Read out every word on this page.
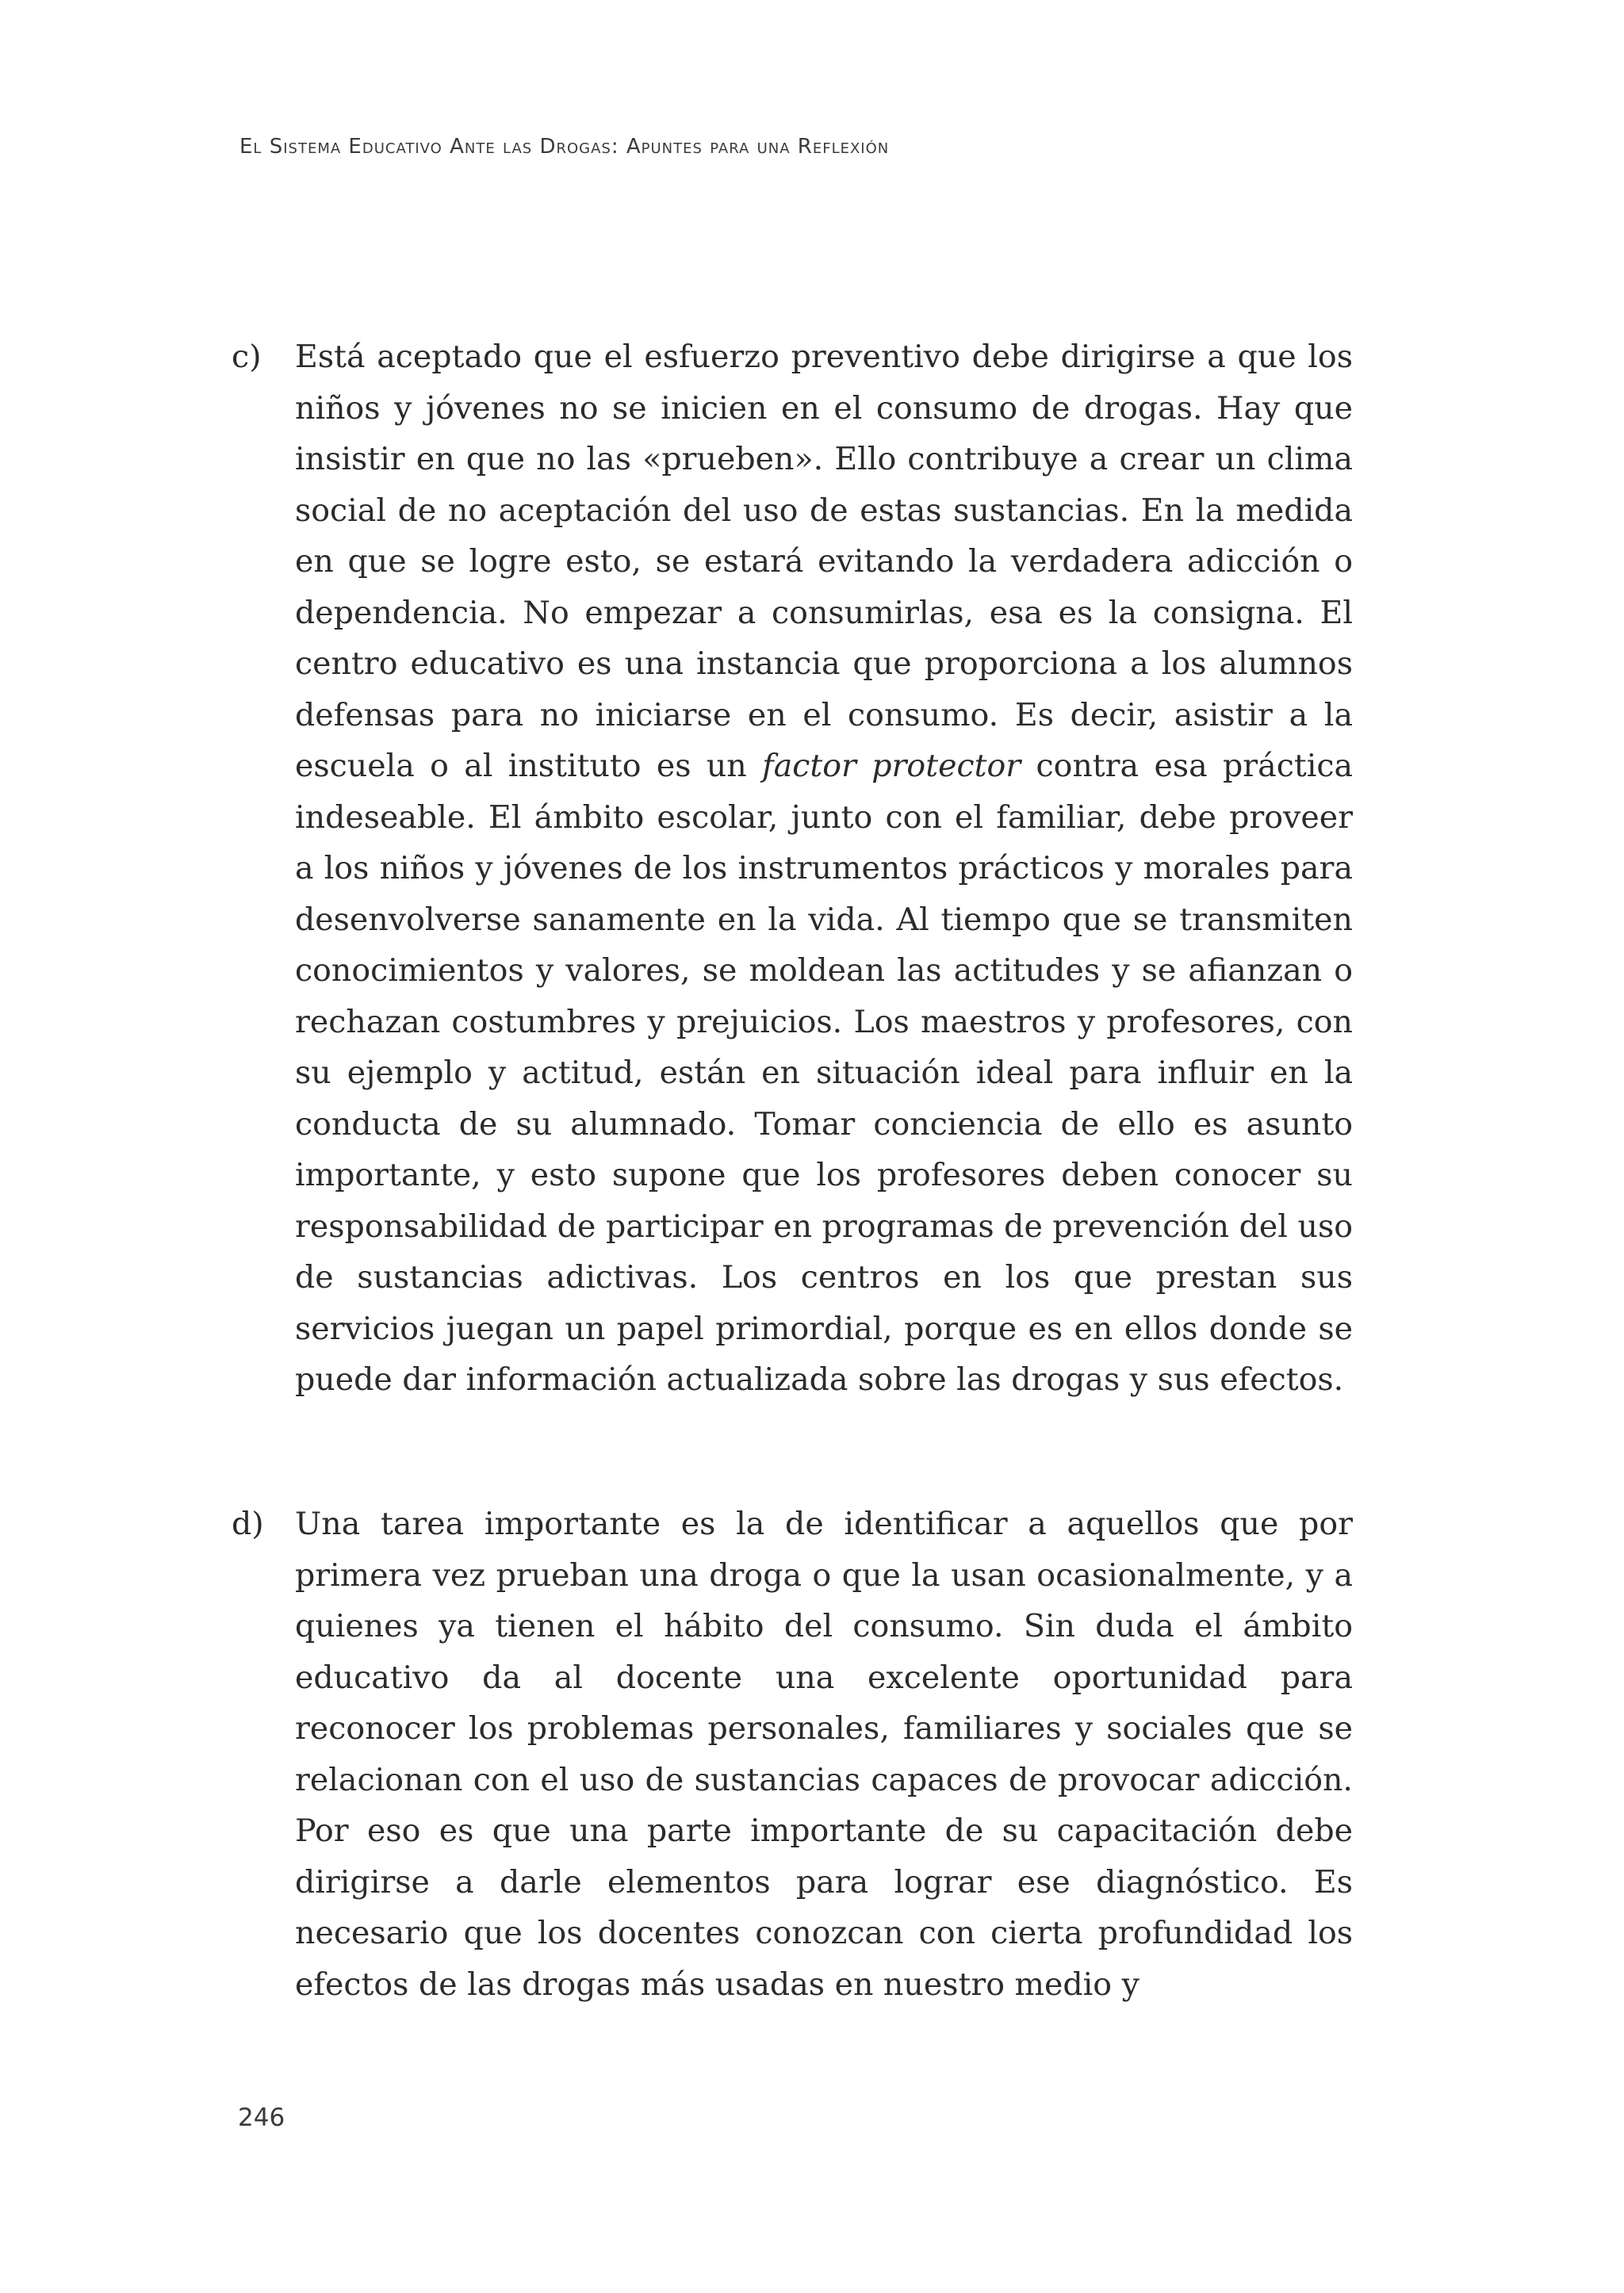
El Sistema Educativo Ante las Drogas: Apuntes para una Reflexión
c) Está aceptado que el esfuerzo preventivo debe dirigirse a que los niños y jóvenes no se inicien en el consumo de drogas. Hay que insistir en que no las «prueben». Ello contribuye a crear un clima social de no aceptación del uso de estas sustancias. En la medida en que se logre esto, se estará evitando la verdadera adicción o dependencia. No empezar a consumirlas, esa es la consigna. El centro educativo es una instancia que proporciona a los alumnos defensas para no iniciarse en el consumo. Es decir, asistir a la escuela o al instituto es un factor protector contra esa práctica indeseable. El ámbito escolar, junto con el familiar, debe proveer a los niños y jóvenes de los instrumentos prácticos y morales para desenvolverse sanamente en la vida. Al tiempo que se transmiten conocimientos y valores, se moldean las actitudes y se afianzan o rechazan costumbres y prejuicios. Los maestros y profesores, con su ejemplo y actitud, están en situación ideal para influir en la conducta de su alumnado. Tomar conciencia de ello es asunto importante, y esto supone que los profesores deben conocer su responsabilidad de participar en programas de prevención del uso de sustancias adictivas. Los centros en los que prestan sus servicios juegan un papel primordial, porque es en ellos donde se puede dar información actualizada sobre las drogas y sus efectos.

d) Una tarea importante es la de identificar a aquellos que por primera vez prueban una droga o que la usan ocasionalmente, y a quienes ya tienen el hábito del consumo. Sin duda el ámbito educativo da al docente una excelente oportunidad para reconocer los problemas personales, familiares y sociales que se relacionan con el uso de sustancias capaces de provocar adicción. Por eso es que una parte importante de su capacitación debe dirigirse a darle elementos para lograr ese diagnóstico. Es necesario que los docentes conozcan con cierta profundidad los efectos de las drogas más usadas en nuestro medio y

246
